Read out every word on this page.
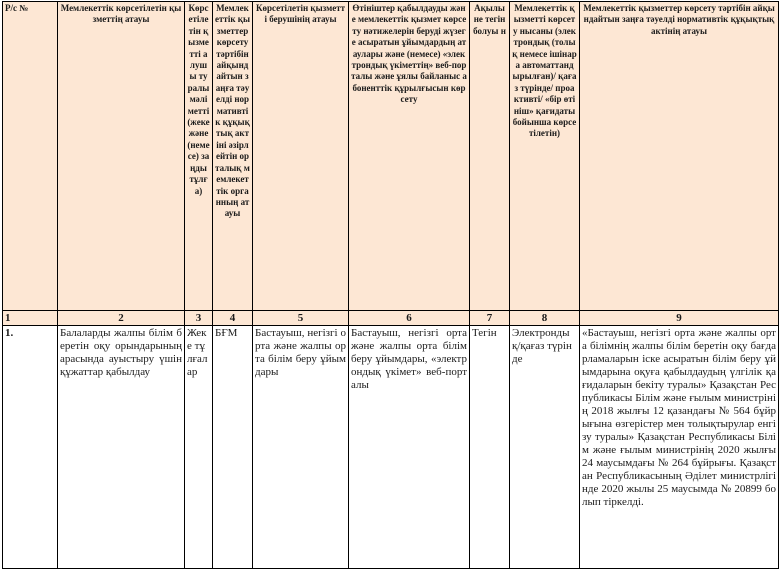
Р/с №	Мемлекеттік көрсетілетін қызметтің атауы	Көрсетілетін қызметті алушы туралы мәліметті (жеке және (немесе) заңды тұлға)	Мемлекеттік қызметтер көрсету тәртібін айқындайтын заңға тәуелді нормативтік құқықтық актіні әзірлейтін орталық мемлекеттік органның атауы	Көрсетілетін қызметті берушінің атауы	Өтініштер қабылдауды және мемлекеттік қызмет көрсету нәтижелерін беруді жүзеге асыратын ұйымдардың атаулары және (немесе) «электрондық үкіметтің» веб-порталы және ұялы байланыс абоненттік құрылғысын көрсету	Ақылы не тегін болуы н	Мемлекеттік қызметті көрсету нысаны (электрондық (толық немесе ішінара автоматтандырылған)/ қағаз түрінде/ проактивті/ «бір өтініш» қағидаты бойынша көрсетілетін)	Мемлекеттік қызметтер көрсету тәртібін айқындайтын заңға тәуелді нормативтік құқықтық актінің атауы
1	2	3	4	5	6	7	8	9
1.	Балаларды жалпы білім беретін оқу орындарының арасында ауыстыру үшін құжаттар қабылдау	Жеке тұлғалар	БҒМ	Бастауыш, негізгі орта және жалпы орта білім беру ұйымдары	Бастауыш, негізгі орта және жалпы орта білім беру ұйымдары, «электрондық үкімет» веб-порталы	Тегін	Электрондық/қағаз түрінде	«Бастауыш, негізгі орта және жалпы орта білімнің жалпы білім беретін оқу бағдарламаларын іске асыратын білім беру ұйымдарына оқуға қабылдаудың үлгілік қағидаларын бекіту туралы» Қазақстан Республикасы Білім және ғылым министрінің 2018 жылғы 12 қазандағы № 564 бұйрығына өзгерістер мен толықтырулар енгізу туралы» Қазақстан Республикасы Білім және ғылым министрінің 2020 жылғы 24 маусымдағы № 264 бұйрығы. Қазақстан Республикасының Әділет министрлігінде 2020 жылы 25 маусымда № 20899 болып тіркелді.
